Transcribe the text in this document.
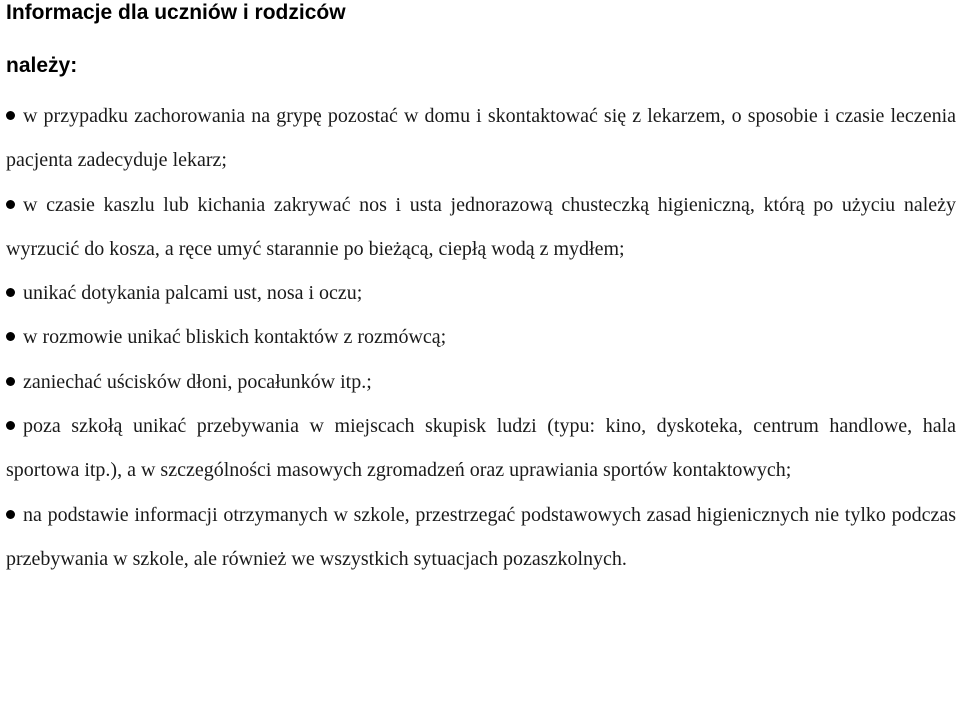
Informacje dla uczniów i rodziców
należy:
w przypadku zachorowania na grypę pozostać w domu i skontaktować się z lekarzem, o sposobie i czasie leczenia pacjenta zadecyduje lekarz;
w czasie kaszlu lub kichania zakrywać nos i usta jednorazową chusteczką higieniczną, którą po użyciu należy wyrzucić do kosza, a ręce umyć starannie po bieżącą, ciepłą wodą z mydłem;
unikać dotykania palcami ust, nosa i oczu;
w rozmowie unikać bliskich kontaktów z rozmówcą;
zaniechać uścisków dłoni, pocałunków itp.;
poza szkołą unikać przebywania w miejscach skupisk ludzi (typu: kino, dyskoteka, centrum handlowe, hala sportowa itp.), a w szczególności masowych zgromadzeń oraz uprawiania sportów kontaktowych;
na podstawie informacji otrzymanych w szkole, przestrzegać podstawowych zasad higienicznych nie tylko podczas przebywania w szkole, ale również we wszystkich sytuacjach pozaszkolnych.
